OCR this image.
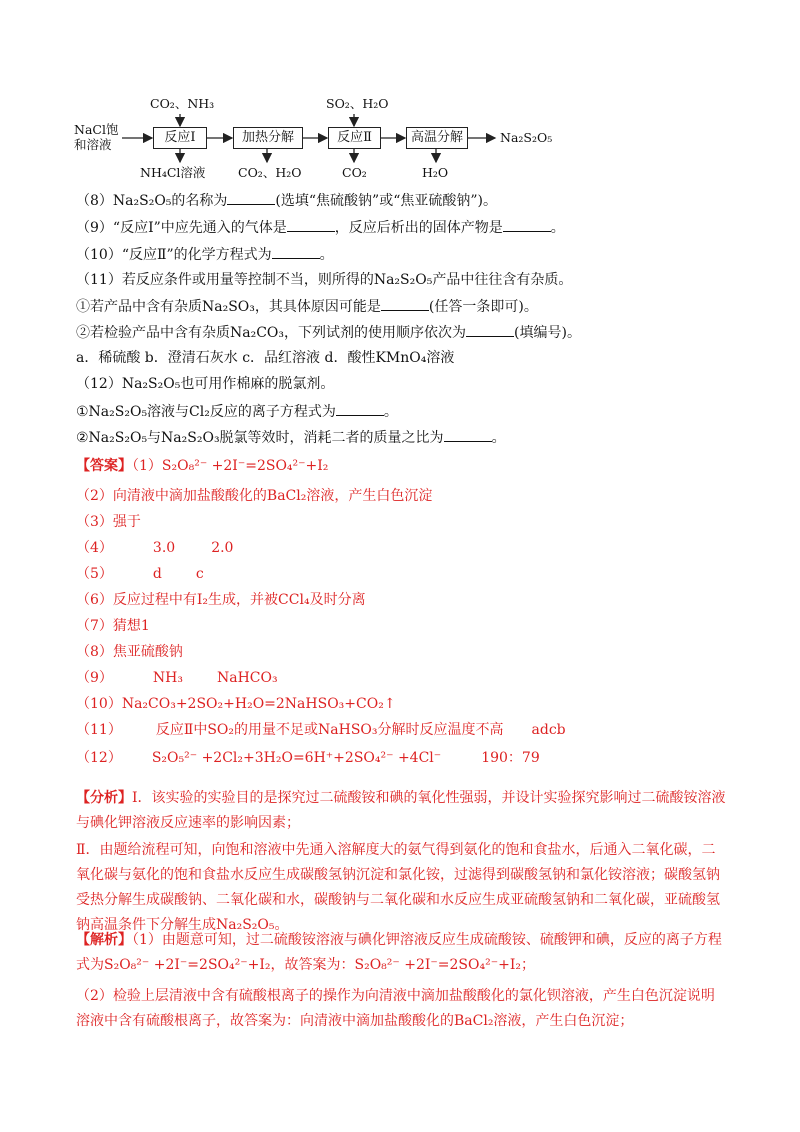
NaCl饱
和溶液
CO₂、NH₃	SO₂、H₂O
反应Ⅰ	加热分解	反应Ⅱ	高温分解	Na₂S₂O₅
NH₄Cl溶液	CO₂、H₂O	CO₂	H₂O
（8）Na₂S₂O₅的名称为	(选填“焦硫酸钠”或“焦亚硫酸钠”)。
（9）“反应Ⅰ”中应先通入的气体是	，反应后析出的固体产物是	。
（10）“反应Ⅱ”的化学方程式为	。
（11）若反应条件或用量等控制不当，则所得的Na₂S₂O₅产品中往往含有杂质。
①若产品中含有杂质Na₂SO₃，其具体原因可能是	(任答一条即可)。
②若检验产品中含有杂质Na₂CO₃，下列试剂的使用顺序依次为	(填编号)。
a．稀硫酸 b．澄清石灰水 c．品红溶液 d．酸性KMnO₄溶液
（12）Na₂S₂O₅也可用作棉麻的脱氯剂。
①Na₂S₂O₅溶液与Cl₂反应的离子方程式为	。
②Na₂S₂O₅与Na₂S₂O₃脱氯等效时，消耗二者的质量之比为	。
【答案】（1）S₂O₈²⁻ +2I⁻=2SO₄²⁻+I₂
（2）向清液中滴加盐酸酸化的BaCl₂溶液，产生白色沉淀
（3）强于
（4）	3.0	2.0
（5）	d c
（6）反应过程中有I₂生成，并被CCl₄及时分离
（7）猜想1
（8）焦亚硫酸钠
（9）	NH₃ NaHCO₃
（10）Na₂CO₃+2SO₂+H₂O=2NaHSO₃+CO₂↑
（11） 反应Ⅱ中SO₂的用量不足或NaHSO₃分解时反应温度不高 adcb
（12） S₂O₅²⁻ +2Cl₂+3H₂O=6H⁺+2SO₄²⁻ +4Cl⁻	190：79
【分析】Ⅰ．该实验的实验目的是探究过二硫酸铵和碘的氧化性强弱，并设计实验探究影响过二硫酸铵溶液与碘化钾溶液反应速率的影响因素；
Ⅱ．由题给流程可知，向饱和溶液中先通入溶解度大的氨气得到氨化的饱和食盐水，后通入二氧化碳，二氧化碳与氨化的饱和食盐水反应生成碳酸氢钠沉淀和氯化铵，过滤得到碳酸氢钠和氯化铵溶液；碳酸氢钠受热分解生成碳酸钠、二氧化碳和水，碳酸钠与二氧化碳和水反应生成亚硫酸氢钠和二氧化碳，亚硫酸氢钠高温条件下分解生成Na₂S₂O₅。
【解析】（1）由题意可知，过二硫酸铵溶液与碘化钾溶液反应生成硫酸铵、硫酸钾和碘，反应的离子方程式为S₂O₈²⁻ +2I⁻=2SO₄²⁻+I₂，故答案为：S₂O₈²⁻ +2I⁻=2SO₄²⁻+I₂；
（2）检验上层清液中含有硫酸根离子的操作为向清液中滴加盐酸酸化的氯化钡溶液，产生白色沉淀说明溶液中含有硫酸根离子，故答案为：向清液中滴加盐酸酸化的BaCl₂溶液，产生白色沉淀；
